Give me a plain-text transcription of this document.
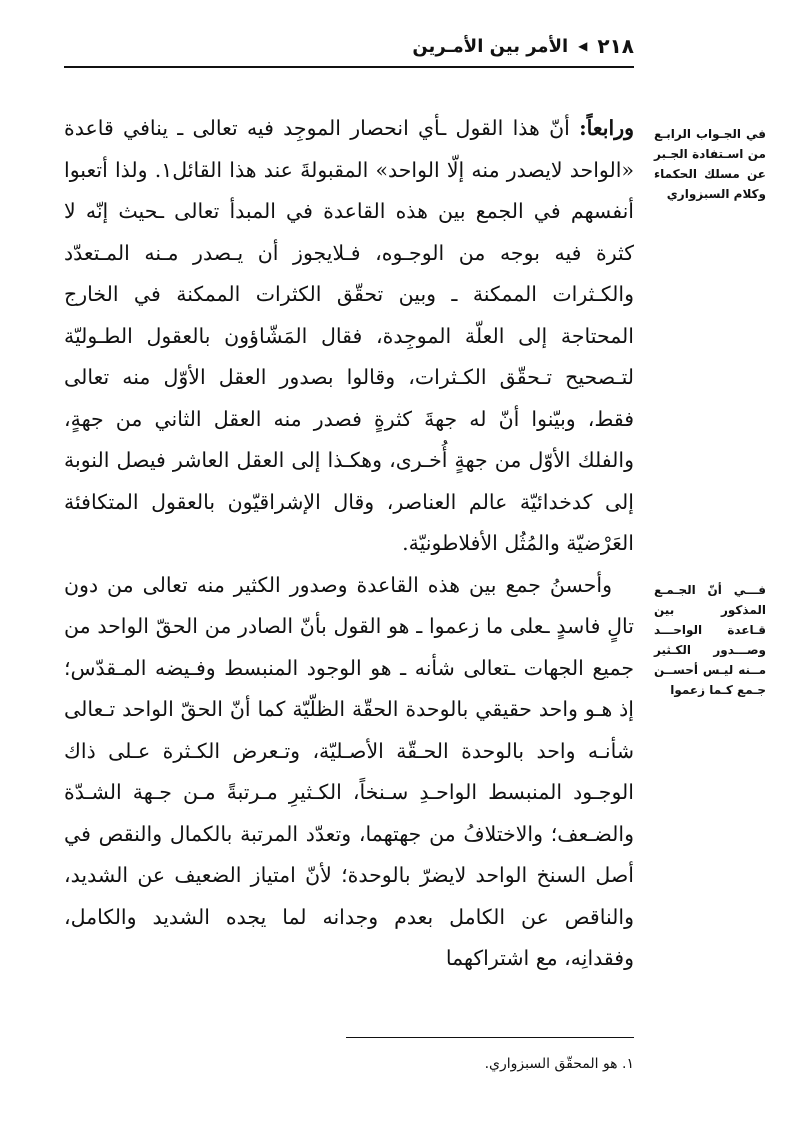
٢١٨
◀
الأمر بين الأمـرين
في الجـواب الرابـع من اسـتفادة الجـبر عن مسلك الحكماء وكلام السبزواري
فـــي أنّ الجـمـع المذكور بين قـاعدة الواحـــد وصـــدور الكـثير مــنه ليـس أحســن جـمع كـما زعموا

ورابعاً: أنّ هذا القول ـأي انحصار الموجِد فيه تعالى ـ ينافي قاعدة «الواحد لايصدر منه إلّا الواحد» المقبولةَ عند هذا القائل١. ولذا أتعبوا أنفسهم في الجمع بين هذه القاعدة في المبدأ تعالى ـحيث إنّه لا كثرة فيه بوجه من الوجـوه، فـلايجوز أن يـصدر مـنه المـتعدّد والكـثرات الممكنة ـ وبين تحقّق الكثرات الممكنة في الخارج المحتاجة إلى العلّة الموجِدة، فقال المَشّاؤون بالعقول الطـوليّة لتـصحيح تـحقّق الكـثرات، وقالوا بصدور العقل الأوّل منه تعالى فقط، وبيّنوا أنّ له جهةَ كثرةٍ فصدر منه العقل الثاني من جهةٍ، والفلك الأوّل من جهةٍ أُخـرى، وهكـذا إلى العقل العاشر فيصل النوبة إلى كدخدائيّة عالم العناصر، وقال الإشراقيّون بالعقول المتكافئة العَرْضيّة والمُثُل الأفلاطونيّة.

وأحسنُ جمع بين هذه القاعدة وصدور الكثير منه تعالى من دون تالٍ فاسدٍ ـعلى ما زعموا ـ هو القول بأنّ الصادر من الحقّ الواحد من جميع الجهات ـتعالى شأنه ـ هو الوجود المنبسط وفـيضه المـقدّس؛ إذ هـو واحد حقيقي بالوحدة الحقّة الظلّيّة كما أنّ الحقّ الواحد تـعالى شأنـه واحد بالوحدة الحـقّة الأصـليّة، وتـعرض الكـثرة عـلى ذاك الوجـود المنبسط الواحـدِ سـنخاً، الكـثيرِ مـرتبةً مـن جـهة الشـدّة والضـعف؛ والاختلافُ من جهتهما، وتعدّد المرتبة بالكمال والنقص في أصل السنخ الواحد لايضرّ بالوحدة؛ لأنّ امتياز الضعيف عن الشديد، والناقص عن الكامل بعدم وجدانه لما يجده الشديد والكامل، وفقدانِه، مع اشتراكهما

١. هو المحقّق السبزواري.
